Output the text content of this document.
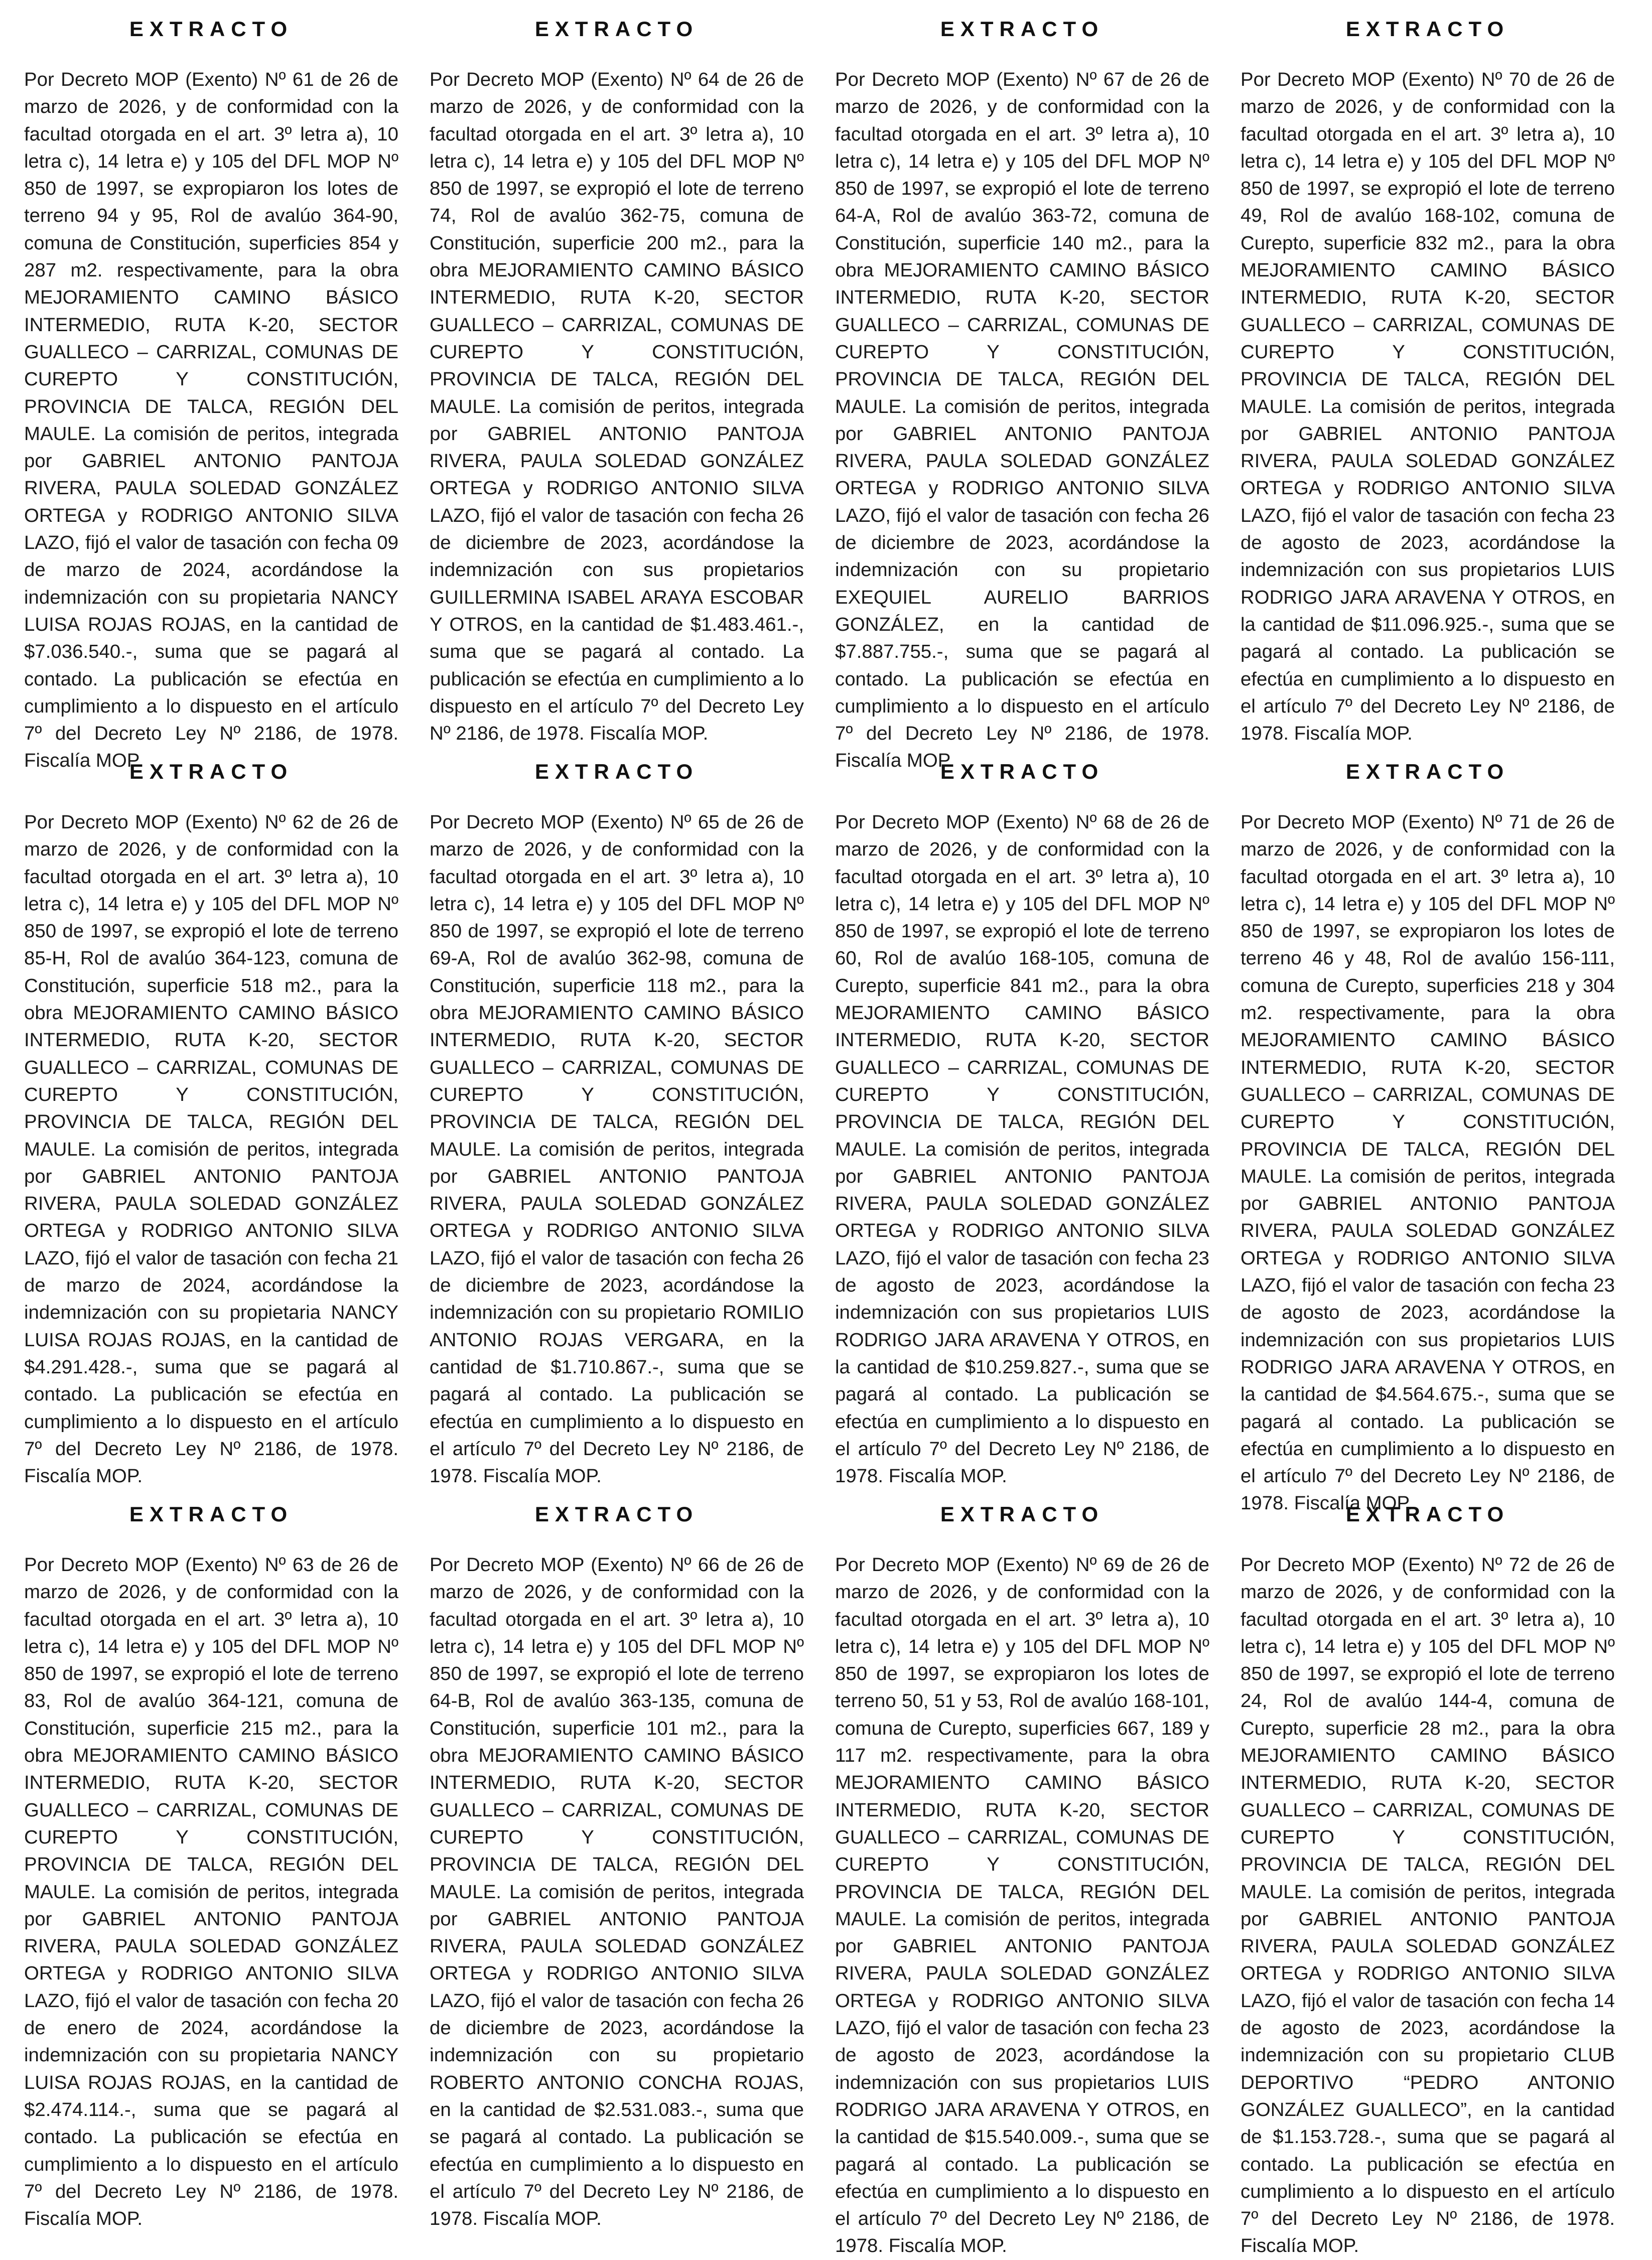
EXTRACTO

Por Decreto MOP (Exento) Nº 61 de 26 de marzo de 2026, y de conformidad con la facultad otorgada en el art. 3º letra a), 10 letra c), 14 letra e) y 105 del DFL MOP Nº 850 de 1997, se expropiaron los lotes de terreno 94 y 95, Rol de avalúo 364-90, comuna de Constitución, superficies 854 y 287 m2. respectivamente, para la obra MEJORAMIENTO CAMINO BÁSICO INTERMEDIO, RUTA K-20, SECTOR GUALLECO – CARRIZAL, COMUNAS DE CUREPTO Y CONSTITUCIÓN, PROVINCIA DE TALCA, REGIÓN DEL MAULE. La comisión de peritos, integrada por GABRIEL ANTONIO PANTOJA RIVERA, PAULA SOLEDAD GONZÁLEZ ORTEGA y RODRIGO ANTONIO SILVA LAZO, fijó el valor de tasación con fecha 09 de marzo de 2024, acordándose la indemnización con su propietaria NANCY LUISA ROJAS ROJAS, en la cantidad de $7.036.540.-, suma que se pagará al contado. La publicación se efectúa en cumplimiento a lo dispuesto en el artículo 7º del Decreto Ley Nº 2186, de 1978. Fiscalía MOP.

EXTRACTO

Por Decreto MOP (Exento) Nº 64 de 26 de marzo de 2026, y de conformidad con la facultad otorgada en el art. 3º letra a), 10 letra c), 14 letra e) y 105 del DFL MOP Nº 850 de 1997, se expropió el lote de terreno 74, Rol de avalúo 362-75, comuna de Constitución, superficie 200 m2., para la obra MEJORAMIENTO CAMINO BÁSICO INTERMEDIO, RUTA K-20, SECTOR GUALLECO – CARRIZAL, COMUNAS DE CUREPTO Y CONSTITUCIÓN, PROVINCIA DE TALCA, REGIÓN DEL MAULE. La comisión de peritos, integrada por GABRIEL ANTONIO PANTOJA RIVERA, PAULA SOLEDAD GONZÁLEZ ORTEGA y RODRIGO ANTONIO SILVA LAZO, fijó el valor de tasación con fecha 26 de diciembre de 2023, acordándose la indemnización con sus propietarios GUILLERMINA ISABEL ARAYA ESCOBAR Y OTROS, en la cantidad de $1.483.461.-, suma que se pagará al contado. La publicación se efectúa en cumplimiento a lo dispuesto en el artículo 7º del Decreto Ley Nº 2186, de 1978. Fiscalía MOP.

EXTRACTO

Por Decreto MOP (Exento) Nº 67 de 26 de marzo de 2026, y de conformidad con la facultad otorgada en el art. 3º letra a), 10 letra c), 14 letra e) y 105 del DFL MOP Nº 850 de 1997, se expropió el lote de terreno 64-A, Rol de avalúo 363-72, comuna de Constitución, superficie 140 m2., para la obra MEJORAMIENTO CAMINO BÁSICO INTERMEDIO, RUTA K-20, SECTOR GUALLECO – CARRIZAL, COMUNAS DE CUREPTO Y CONSTITUCIÓN, PROVINCIA DE TALCA, REGIÓN DEL MAULE. La comisión de peritos, integrada por GABRIEL ANTONIO PANTOJA RIVERA, PAULA SOLEDAD GONZÁLEZ ORTEGA y RODRIGO ANTONIO SILVA LAZO, fijó el valor de tasación con fecha 26 de diciembre de 2023, acordándose la indemnización con su propietario EXEQUIEL AURELIO BARRIOS GONZÁLEZ, en la cantidad de $7.887.755.-, suma que se pagará al contado. La publicación se efectúa en cumplimiento a lo dispuesto en el artículo 7º del Decreto Ley Nº 2186, de 1978. Fiscalía MOP.

EXTRACTO

Por Decreto MOP (Exento) Nº 70 de 26 de marzo de 2026, y de conformidad con la facultad otorgada en el art. 3º letra a), 10 letra c), 14 letra e) y 105 del DFL MOP Nº 850 de 1997, se expropió el lote de terreno 49, Rol de avalúo 168-102, comuna de Curepto, superficie 832 m2., para la obra MEJORAMIENTO CAMINO BÁSICO INTERMEDIO, RUTA K-20, SECTOR GUALLECO – CARRIZAL, COMUNAS DE CUREPTO Y CONSTITUCIÓN, PROVINCIA DE TALCA, REGIÓN DEL MAULE. La comisión de peritos, integrada por GABRIEL ANTONIO PANTOJA RIVERA, PAULA SOLEDAD GONZÁLEZ ORTEGA y RODRIGO ANTONIO SILVA LAZO, fijó el valor de tasación con fecha 23 de agosto de 2023, acordándose la indemnización con sus propietarios LUIS RODRIGO JARA ARAVENA Y OTROS, en la cantidad de $11.096.925.-, suma que se pagará al contado. La publicación se efectúa en cumplimiento a lo dispuesto en el artículo 7º del Decreto Ley Nº 2186, de 1978. Fiscalía MOP.

EXTRACTO

Por Decreto MOP (Exento) Nº 62 de 26 de marzo de 2026, y de conformidad con la facultad otorgada en el art. 3º letra a), 10 letra c), 14 letra e) y 105 del DFL MOP Nº 850 de 1997, se expropió el lote de terreno 85-H, Rol de avalúo 364-123, comuna de Constitución, superficie 518 m2., para la obra MEJORAMIENTO CAMINO BÁSICO INTERMEDIO, RUTA K-20, SECTOR GUALLECO – CARRIZAL, COMUNAS DE CUREPTO Y CONSTITUCIÓN, PROVINCIA DE TALCA, REGIÓN DEL MAULE. La comisión de peritos, integrada por GABRIEL ANTONIO PANTOJA RIVERA, PAULA SOLEDAD GONZÁLEZ ORTEGA y RODRIGO ANTONIO SILVA LAZO, fijó el valor de tasación con fecha 21 de marzo de 2024, acordándose la indemnización con su propietaria NANCY LUISA ROJAS ROJAS, en la cantidad de $4.291.428.-, suma que se pagará al contado. La publicación se efectúa en cumplimiento a lo dispuesto en el artículo 7º del Decreto Ley Nº 2186, de 1978. Fiscalía MOP.

EXTRACTO

Por Decreto MOP (Exento) Nº 65 de 26 de marzo de 2026, y de conformidad con la facultad otorgada en el art. 3º letra a), 10 letra c), 14 letra e) y 105 del DFL MOP Nº 850 de 1997, se expropió el lote de terreno 69-A, Rol de avalúo 362-98, comuna de Constitución, superficie 118 m2., para la obra MEJORAMIENTO CAMINO BÁSICO INTERMEDIO, RUTA K-20, SECTOR GUALLECO – CARRIZAL, COMUNAS DE CUREPTO Y CONSTITUCIÓN, PROVINCIA DE TALCA, REGIÓN DEL MAULE. La comisión de peritos, integrada por GABRIEL ANTONIO PANTOJA RIVERA, PAULA SOLEDAD GONZÁLEZ ORTEGA y RODRIGO ANTONIO SILVA LAZO, fijó el valor de tasación con fecha 26 de diciembre de 2023, acordándose la indemnización con su propietario ROMILIO ANTONIO ROJAS VERGARA, en la cantidad de $1.710.867.-, suma que se pagará al contado. La publicación se efectúa en cumplimiento a lo dispuesto en el artículo 7º del Decreto Ley Nº 2186, de 1978. Fiscalía MOP.

EXTRACTO

Por Decreto MOP (Exento) Nº 68 de 26 de marzo de 2026, y de conformidad con la facultad otorgada en el art. 3º letra a), 10 letra c), 14 letra e) y 105 del DFL MOP Nº 850 de 1997, se expropió el lote de terreno 60, Rol de avalúo 168-105, comuna de Curepto, superficie 841 m2., para la obra MEJORAMIENTO CAMINO BÁSICO INTERMEDIO, RUTA K-20, SECTOR GUALLECO – CARRIZAL, COMUNAS DE CUREPTO Y CONSTITUCIÓN, PROVINCIA DE TALCA, REGIÓN DEL MAULE. La comisión de peritos, integrada por GABRIEL ANTONIO PANTOJA RIVERA, PAULA SOLEDAD GONZÁLEZ ORTEGA y RODRIGO ANTONIO SILVA LAZO, fijó el valor de tasación con fecha 23 de agosto de 2023, acordándose la indemnización con sus propietarios LUIS RODRIGO JARA ARAVENA Y OTROS, en la cantidad de $10.259.827.-, suma que se pagará al contado. La publicación se efectúa en cumplimiento a lo dispuesto en el artículo 7º del Decreto Ley Nº 2186, de 1978. Fiscalía MOP.

EXTRACTO

Por Decreto MOP (Exento) Nº 71 de 26 de marzo de 2026, y de conformidad con la facultad otorgada en el art. 3º letra a), 10 letra c), 14 letra e) y 105 del DFL MOP Nº 850 de 1997, se expropiaron los lotes de terreno 46 y 48, Rol de avalúo 156-111, comuna de Curepto, superficies 218 y 304 m2. respectivamente, para la obra MEJORAMIENTO CAMINO BÁSICO INTERMEDIO, RUTA K-20, SECTOR GUALLECO – CARRIZAL, COMUNAS DE CUREPTO Y CONSTITUCIÓN, PROVINCIA DE TALCA, REGIÓN DEL MAULE. La comisión de peritos, integrada por GABRIEL ANTONIO PANTOJA RIVERA, PAULA SOLEDAD GONZÁLEZ ORTEGA y RODRIGO ANTONIO SILVA LAZO, fijó el valor de tasación con fecha 23 de agosto de 2023, acordándose la indemnización con sus propietarios LUIS RODRIGO JARA ARAVENA Y OTROS, en la cantidad de $4.564.675.-, suma que se pagará al contado. La publicación se efectúa en cumplimiento a lo dispuesto en el artículo 7º del Decreto Ley Nº 2186, de 1978. Fiscalía MOP.

EXTRACTO

Por Decreto MOP (Exento) Nº 63 de 26 de marzo de 2026, y de conformidad con la facultad otorgada en el art. 3º letra a), 10 letra c), 14 letra e) y 105 del DFL MOP Nº 850 de 1997, se expropió el lote de terreno 83, Rol de avalúo 364-121, comuna de Constitución, superficie 215 m2., para la obra MEJORAMIENTO CAMINO BÁSICO INTERMEDIO, RUTA K-20, SECTOR GUALLECO – CARRIZAL, COMUNAS DE CUREPTO Y CONSTITUCIÓN, PROVINCIA DE TALCA, REGIÓN DEL MAULE. La comisión de peritos, integrada por GABRIEL ANTONIO PANTOJA RIVERA, PAULA SOLEDAD GONZÁLEZ ORTEGA y RODRIGO ANTONIO SILVA LAZO, fijó el valor de tasación con fecha 20 de enero de 2024, acordándose la indemnización con su propietaria NANCY LUISA ROJAS ROJAS, en la cantidad de $2.474.114.-, suma que se pagará al contado. La publicación se efectúa en cumplimiento a lo dispuesto en el artículo 7º del Decreto Ley Nº 2186, de 1978. Fiscalía MOP.

EXTRACTO

Por Decreto MOP (Exento) Nº 66 de 26 de marzo de 2026, y de conformidad con la facultad otorgada en el art. 3º letra a), 10 letra c), 14 letra e) y 105 del DFL MOP Nº 850 de 1997, se expropió el lote de terreno 64-B, Rol de avalúo 363-135, comuna de Constitución, superficie 101 m2., para la obra MEJORAMIENTO CAMINO BÁSICO INTERMEDIO, RUTA K-20, SECTOR GUALLECO – CARRIZAL, COMUNAS DE CUREPTO Y CONSTITUCIÓN, PROVINCIA DE TALCA, REGIÓN DEL MAULE. La comisión de peritos, integrada por GABRIEL ANTONIO PANTOJA RIVERA, PAULA SOLEDAD GONZÁLEZ ORTEGA y RODRIGO ANTONIO SILVA LAZO, fijó el valor de tasación con fecha 26 de diciembre de 2023, acordándose la indemnización con su propietario ROBERTO ANTONIO CONCHA ROJAS, en la cantidad de $2.531.083.-, suma que se pagará al contado. La publicación se efectúa en cumplimiento a lo dispuesto en el artículo 7º del Decreto Ley Nº 2186, de 1978. Fiscalía MOP.

EXTRACTO

Por Decreto MOP (Exento) Nº 69 de 26 de marzo de 2026, y de conformidad con la facultad otorgada en el art. 3º letra a), 10 letra c), 14 letra e) y 105 del DFL MOP Nº 850 de 1997, se expropiaron los lotes de terreno 50, 51 y 53, Rol de avalúo 168-101, comuna de Curepto, superficies 667, 189 y 117 m2. respectivamente, para la obra MEJORAMIENTO CAMINO BÁSICO INTERMEDIO, RUTA K-20, SECTOR GUALLECO – CARRIZAL, COMUNAS DE CUREPTO Y CONSTITUCIÓN, PROVINCIA DE TALCA, REGIÓN DEL MAULE. La comisión de peritos, integrada por GABRIEL ANTONIO PANTOJA RIVERA, PAULA SOLEDAD GONZÁLEZ ORTEGA y RODRIGO ANTONIO SILVA LAZO, fijó el valor de tasación con fecha 23 de agosto de 2023, acordándose la indemnización con sus propietarios LUIS RODRIGO JARA ARAVENA Y OTROS, en la cantidad de $15.540.009.-, suma que se pagará al contado. La publicación se efectúa en cumplimiento a lo dispuesto en el artículo 7º del Decreto Ley Nº 2186, de 1978. Fiscalía MOP.

EXTRACTO

Por Decreto MOP (Exento) Nº 72 de 26 de marzo de 2026, y de conformidad con la facultad otorgada en el art. 3º letra a), 10 letra c), 14 letra e) y 105 del DFL MOP Nº 850 de 1997, se expropió el lote de terreno 24, Rol de avalúo 144-4, comuna de Curepto, superficie 28 m2., para la obra MEJORAMIENTO CAMINO BÁSICO INTERMEDIO, RUTA K-20, SECTOR GUALLECO – CARRIZAL, COMUNAS DE CUREPTO Y CONSTITUCIÓN, PROVINCIA DE TALCA, REGIÓN DEL MAULE. La comisión de peritos, integrada por GABRIEL ANTONIO PANTOJA RIVERA, PAULA SOLEDAD GONZÁLEZ ORTEGA y RODRIGO ANTONIO SILVA LAZO, fijó el valor de tasación con fecha 14 de agosto de 2023, acordándose la indemnización con su propietario CLUB DEPORTIVO “PEDRO ANTONIO GONZÁLEZ GUALLECO”, en la cantidad de $1.153.728.-, suma que se pagará al contado. La publicación se efectúa en cumplimiento a lo dispuesto en el artículo 7º del Decreto Ley Nº 2186, de 1978. Fiscalía MOP.
